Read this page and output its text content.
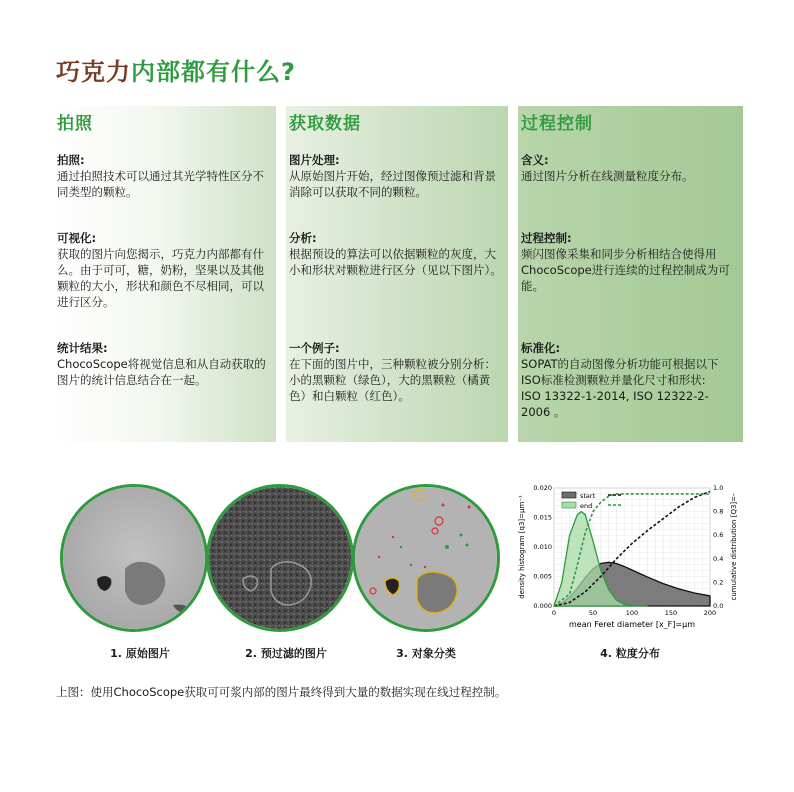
巧克力内部都有什么?
拍照
拍照:
通过拍照技术可以通过其光学特性区分不同类型的颗粒。
可视化:
获取的图片向您揭示，巧克力内部都有什么。由于可可，糖，奶粉，坚果以及其他颗粒的大小，形状和颜色不尽相同，可以进行区分。
统计结果:
ChocoScope将视觉信息和从自动获取的图片的统计信息结合在一起。
获取数据
图片处理:
从原始图片开始，经过图像预过滤和背景消除可以获取不同的颗粒。
分析:
根据预设的算法可以依据颗粒的灰度，大小和形状对颗粒进行区分（见以下图片）。
一个例子:
在下面的图片中，三种颗粒被分别分析：小的黑颗粒（绿色），大的黑颗粒（橘黄色）和白颗粒（红色）。
过程控制
含义:
通过图片分析在线测量粒度分布。
过程控制:
频闪图像采集和同步分析相结合使得用ChocoScope进行连续的过程控制成为可能。
标准化:
SOPAT的自动图像分析功能可根据以下ISO标准检测颗粒并量化尺寸和形状:
ISO 13322-1-2014, ISO 12322-2-2006 。
1. 原始图片	2. 预过滤的图片	3. 对象分类
0	50	100	150	200
0.000
0.005
0.010
0.015
0.020
0.0
0.2
0.4
0.6
0.8
1.0
start
end
mean Feret diameter [x_F]=µm
density histogram [q3]=µm⁻¹	cumulative distribution [Q3]=-
4. 粒度分布
上图：使用ChocoScope获取可可浆内部的图片最终得到大量的数据实现在线过程控制。
